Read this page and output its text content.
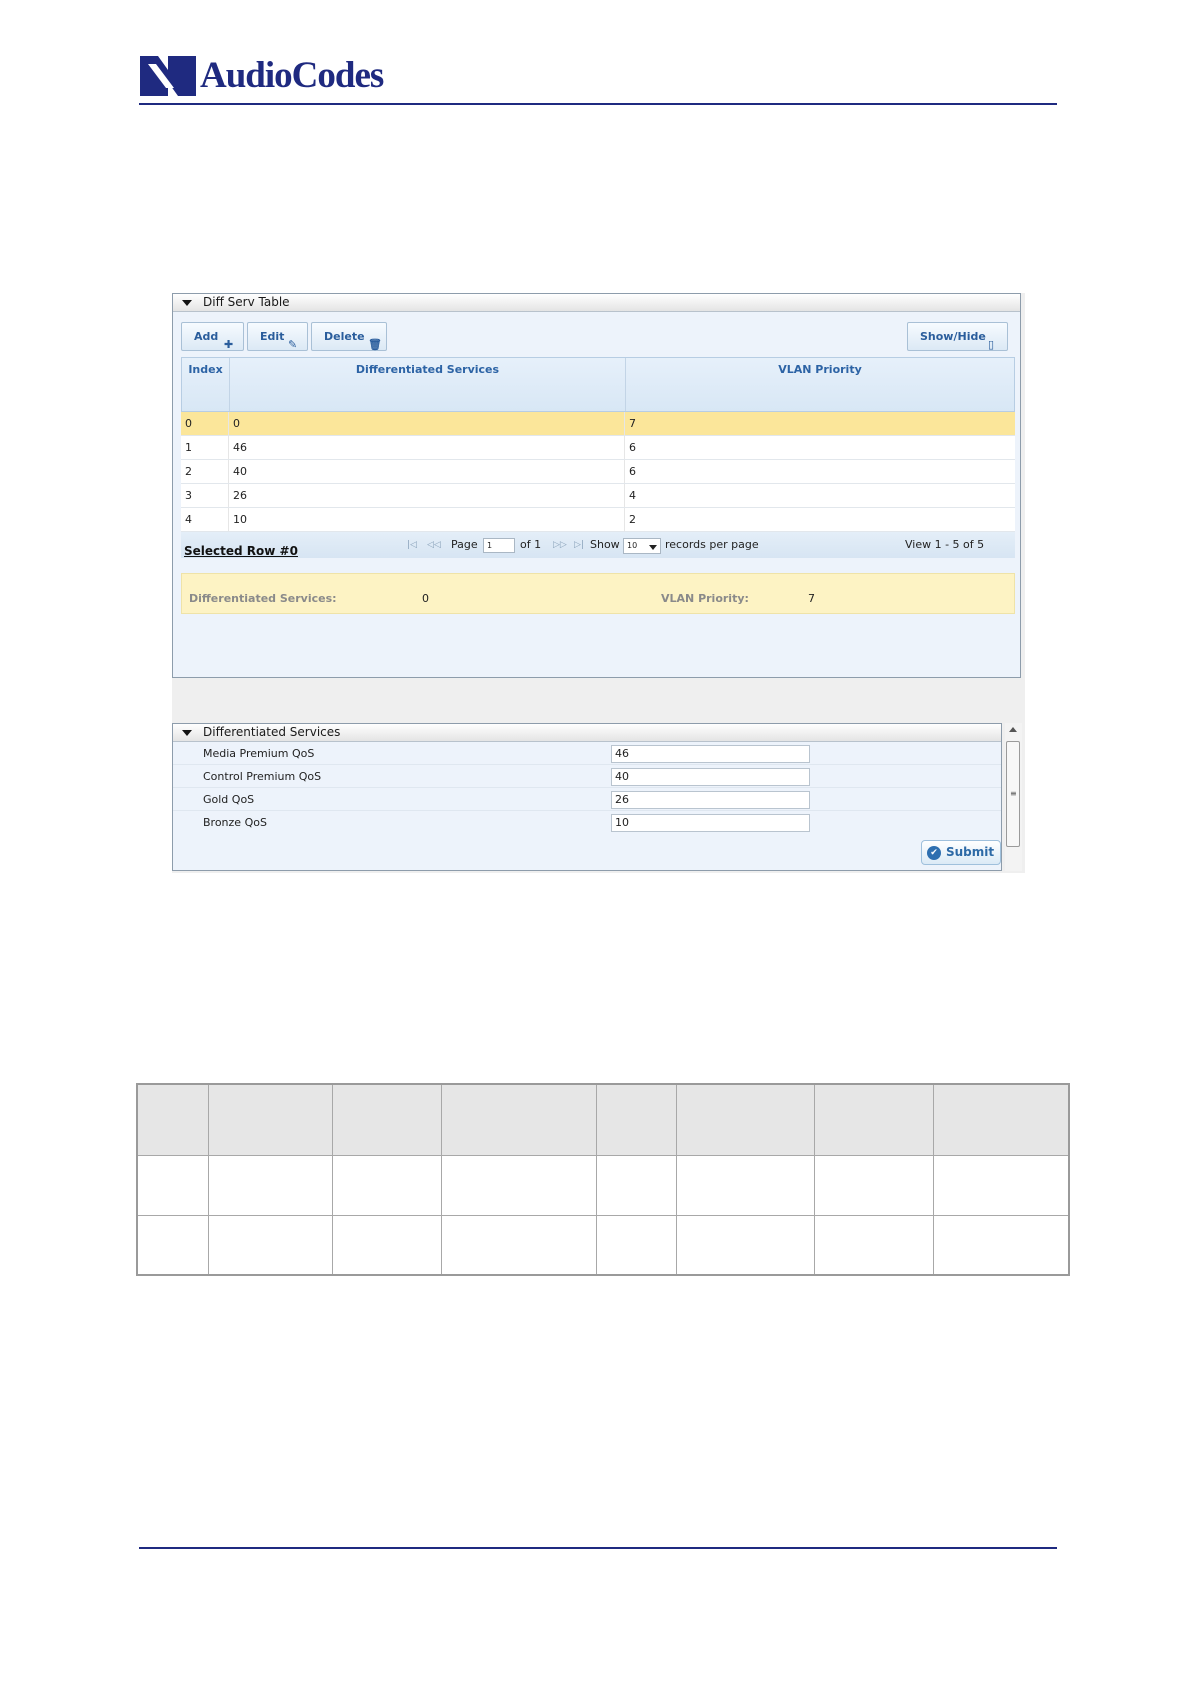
AudioCodes
Diff Serv Table
Add
✚
Edit
✎
Delete
🗑
Show/Hide
▯
Index	Differentiated Services	VLAN Priority
0	0	7
1	46	6
2	40	6
3	26	4
4	10	2
|◁ ◁◁ Page	1	of 1 ▷▷ ▷| Show 10	records per page	View 1 - 5 of 5
Selected Row #0
Differentiated Services:	0	VLAN Priority:	7
Differentiated Services
Media Premium QoS	46
Control Premium QoS	40
Gold QoS	26
Bronze QoS	10
✔ Submit
≡
